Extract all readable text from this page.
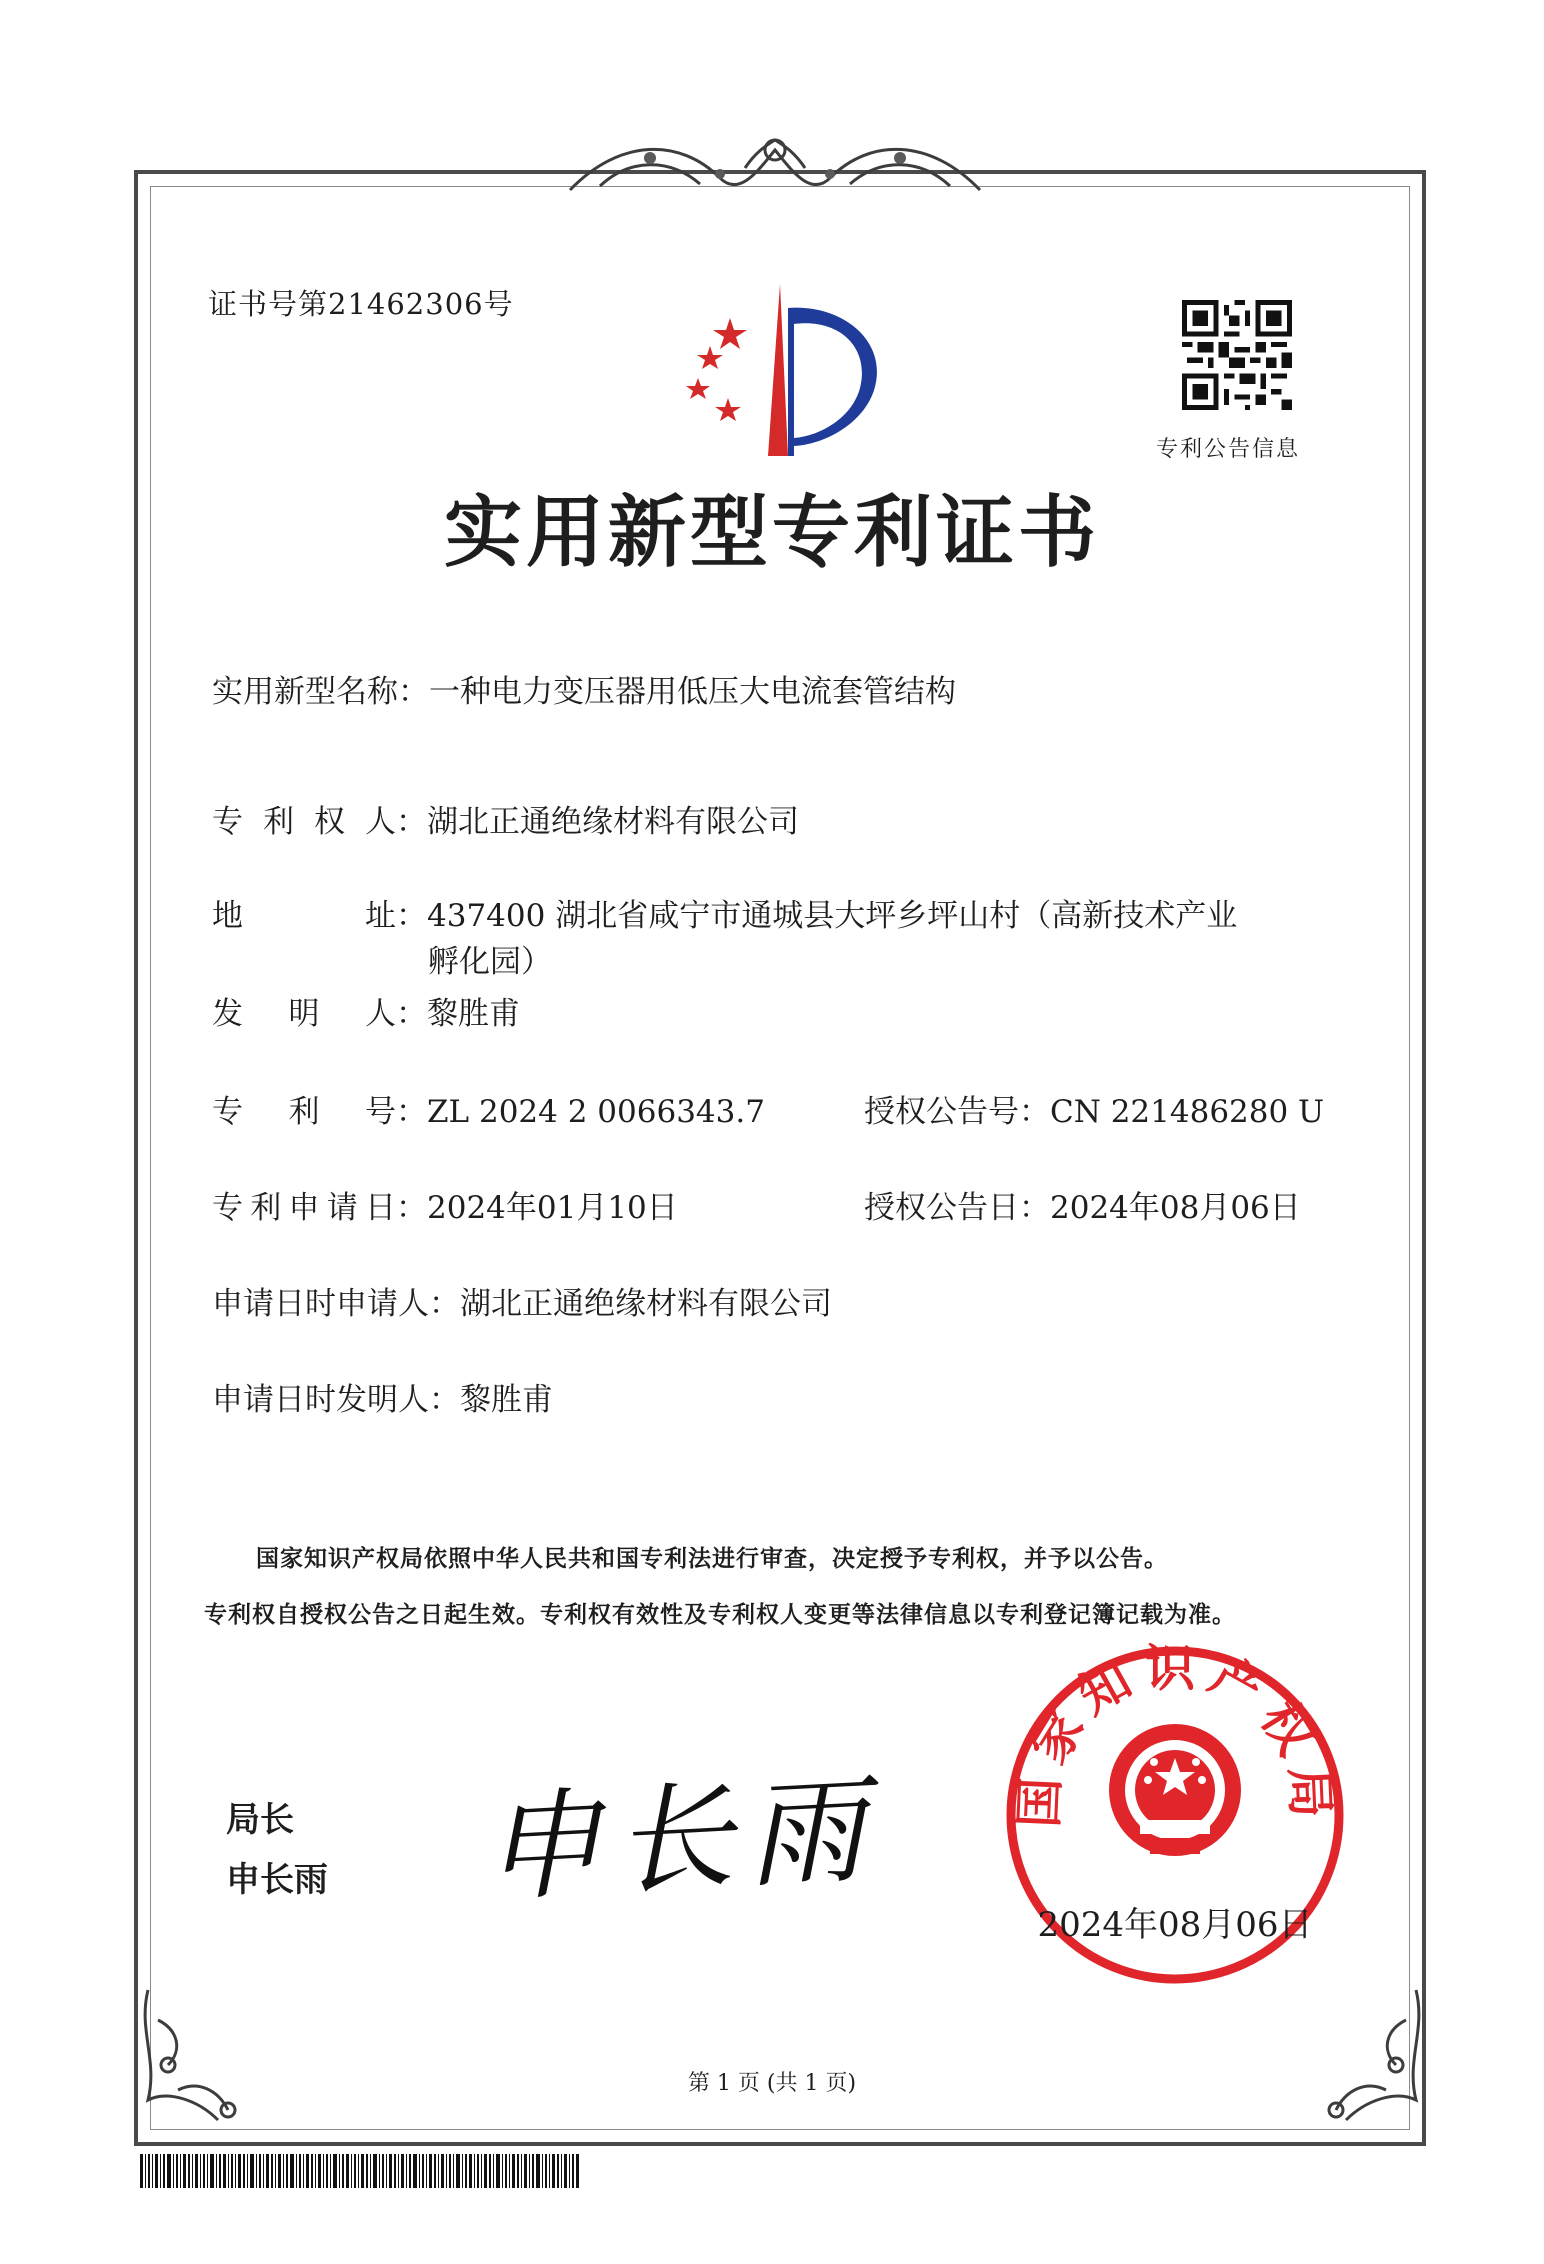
证书号第21462306号
专利公告信息
实用新型专利证书
实用新型名称：一种电力变压器用低压大电流套管结构
专 利 权 人：湖北正通绝缘材料有限公司
地　　　址：437400 湖北省咸宁市通城县大坪乡坪山村（高新技术产业
孵化园）
发　明　人：黎胜甫
专　利　号：ZL 2024 2 0066343.7	授权公告号：CN 221486280 U
专利申请日：2024年01月10日	授权公告日：2024年08月06日
申请日时申请人：湖北正通绝缘材料有限公司
申请日时发明人：黎胜甫
国家知识产权局依照中华人民共和国专利法进行审查，决定授予专利权，并予以公告。
专利权自授权公告之日起生效。专利权有效性及专利权人变更等法律信息以专利登记簿记载为准。
局长
申长雨 申长雨	国家知识产权局
2024年08月06日
第 1 页 (共 1 页)
